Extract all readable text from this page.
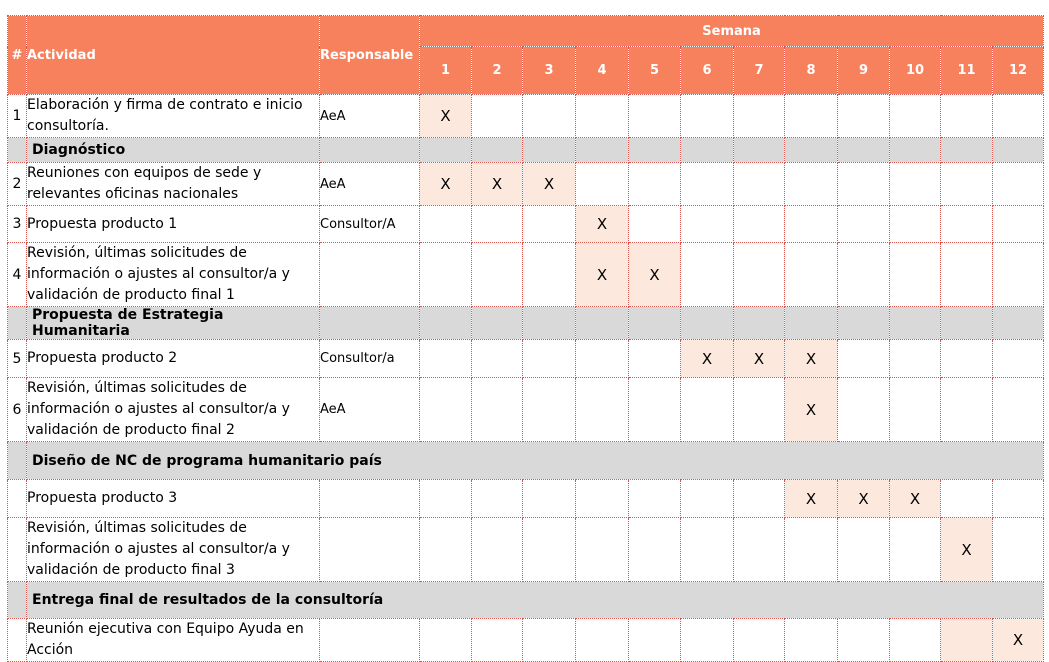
#	Actividad	Responsable	Semana											
			1	2	3	4	5	6	7	8	9	10	11	12
1	Elaboración y firma de contrato e inicio consultoría.	AeA	X											
	Diagnóstico													
2	Reuniones con equipos de sede y relevantes oficinas nacionales	AeA	X	X	X									
3	Propuesta producto 1	Consultor/A				X								
4	Revisión, últimas solicitudes de información o ajustes al consultor/a y validación de producto final 1					X	X							
	Propuesta de Estrategia Humanitaria													
5	Propuesta producto 2	Consultor/a						X	X	X				
6	Revisión, últimas solicitudes de información o ajustes al consultor/a y validación de producto final 2	AeA								X				
	Diseño de NC de programa humanitario país													
	Propuesta producto 3									X	X	X		
	Revisión, últimas solicitudes de información o ajustes al consultor/a y validación de producto final 3												X	
	Entrega final de resultados de la consultoría													
	Reunión ejecutiva con Equipo Ayuda en Acción													X
